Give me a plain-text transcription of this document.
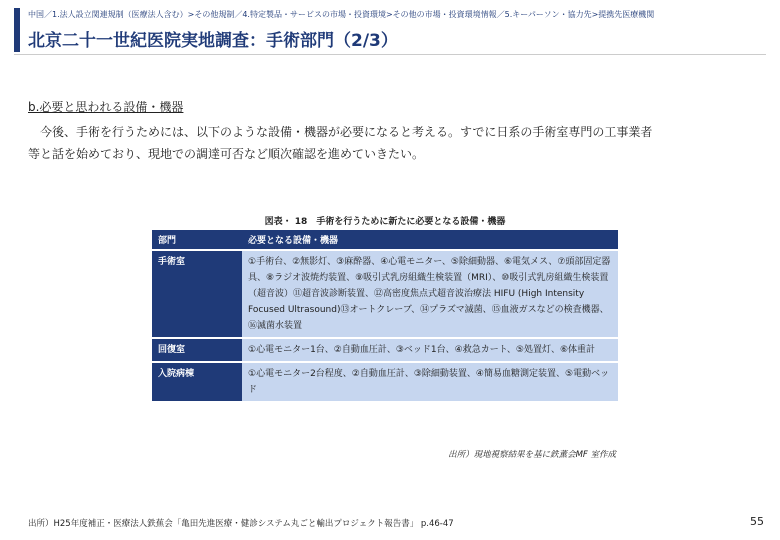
中国／1.法人設立関連規制（医療法人含む）>その他規制／4.特定製品・サービスの市場・投資環境>その他の市場・投資環境情報／5.キーパーソン・協力先>提携先医療機関
北京二十一世紀医院実地調査：手術部門（2/3）
b.必要と思われる設備・機器
今後、手術を行うためには、以下のような設備・機器が必要になると考える。すでに日系の手術室専門の工事業者
等と話を始めており、現地での調達可否など順次確認を進めていきたい。
図表・ 18　手術を行うために新たに必要となる設備・機器
部門	必要となる設備・機器
手術室	①手術台、②無影灯、③麻酔器、④心電モニター、⑤除細動器、⑥電気メス、⑦頭部固定器具、⑧ラジオ波焼灼装置、⑨吸引式乳房組織生検装置（MRI）、⑩吸引式乳房組織生検装置（超音波）⑪超音波診断装置、⑫高密度焦点式超音波治療法 HIFU (High Intensity Focused Ultrasound)⑬オートクレーブ、⑭プラズマ滅菌、⑮血液ガスなどの検査機器、⑯滅菌水装置
回復室	①心電モニター1台、②自動血圧計、③ベッド1台、④救急カート、⑤処置灯、⑥体重計
入院病棟	①心電モニター2台程度、②自動血圧計、③除細動装置、④簡易血糖測定装置、⑤電動ベッド
出所）現地視察結果を基に鉄薫会MF 室作成
出所）H25年度補正・医療法人鉄蕉会「亀田先進医療・健診システム丸ごと輸出プロジェクト報告書」 p.46-47	55
